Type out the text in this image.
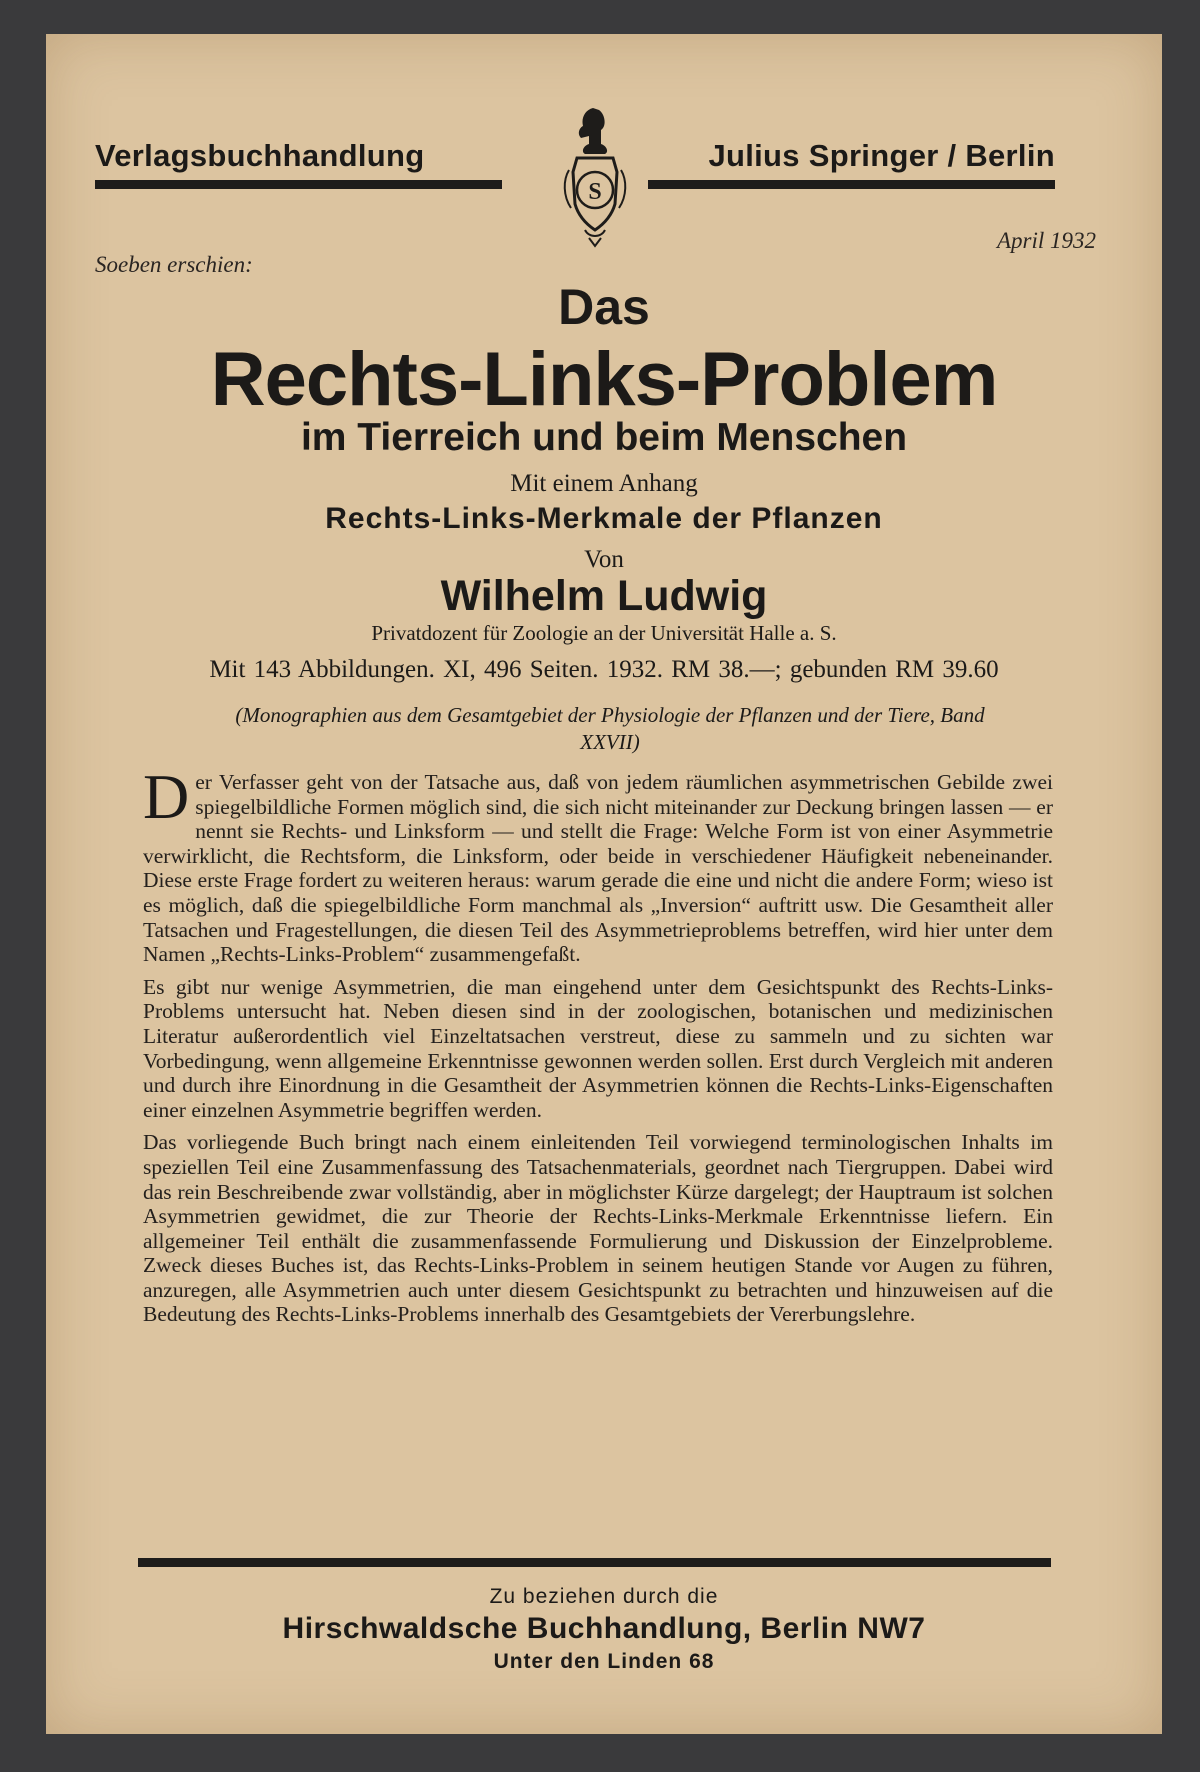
Verlagsbuchhandlung
S
Julius Springer / Berlin
April 1932
Soeben erschien:
Das
Rechts-Links-Problem
im Tierreich und beim Menschen
Mit einem Anhang
Rechts-Links-Merkmale der Pflanzen
Von
Wilhelm Ludwig
Privatdozent für Zoologie an der Universität Halle a. S.
Mit 143 Abbildungen. XI, 496 Seiten. 1932. RM 38.—; gebunden RM 39.60
(Monographien aus dem Gesamtgebiet der Physiologie der Pflanzen und der Tiere, Band XXVII)

Der Verfasser geht von der Tatsache aus, daß von jedem räumlichen asymmetrischen Gebilde zwei spiegelbildliche Formen möglich sind, die sich nicht miteinander zur Deckung bringen lassen — er nennt sie Rechts- und Linksform — und stellt die Frage: Welche Form ist von einer Asymmetrie verwirklicht, die Rechtsform, die Linksform, oder beide in verschiedener Häufigkeit nebeneinander. Diese erste Frage fordert zu weiteren heraus: warum gerade die eine und nicht die andere Form; wieso ist es möglich, daß die spiegelbildliche Form manchmal als „Inversion“ auftritt usw. Die Gesamtheit aller Tatsachen und Fragestellungen, die diesen Teil des Asymmetrieproblems betreffen, wird hier unter dem Namen „Rechts-Links-Problem“ zusammengefaßt.

Es gibt nur wenige Asymmetrien, die man eingehend unter dem Gesichtspunkt des Rechts-Links-Problems untersucht hat. Neben diesen sind in der zoologischen, botanischen und medizinischen Literatur außerordentlich viel Einzeltatsachen verstreut, diese zu sammeln und zu sichten war Vorbedingung, wenn allgemeine Erkenntnisse gewonnen werden sollen. Erst durch Vergleich mit anderen und durch ihre Einordnung in die Gesamtheit der Asymmetrien können die Rechts-Links-Eigenschaften einer einzelnen Asymmetrie begriffen werden.

Das vorliegende Buch bringt nach einem einleitenden Teil vorwiegend terminologischen Inhalts im speziellen Teil eine Zusammenfassung des Tatsachenmaterials, geordnet nach Tiergruppen. Dabei wird das rein Beschreibende zwar vollständig, aber in möglichster Kürze dargelegt; der Hauptraum ist solchen Asymmetrien gewidmet, die zur Theorie der Rechts-Links-Merkmale Erkenntnisse liefern. Ein allgemeiner Teil enthält die zusammenfassende Formulierung und Diskussion der Einzelprobleme. Zweck dieses Buches ist, das Rechts-Links-Problem in seinem heutigen Stande vor Augen zu führen, anzuregen, alle Asymmetrien auch unter diesem Gesichtspunkt zu betrachten und hinzuweisen auf die Bedeutung des Rechts-Links-Problems innerhalb des Gesamtgebiets der Vererbungslehre.

Zu beziehen durch die
Hirschwaldsche Buchhandlung, Berlin NW7
Unter den Linden 68
